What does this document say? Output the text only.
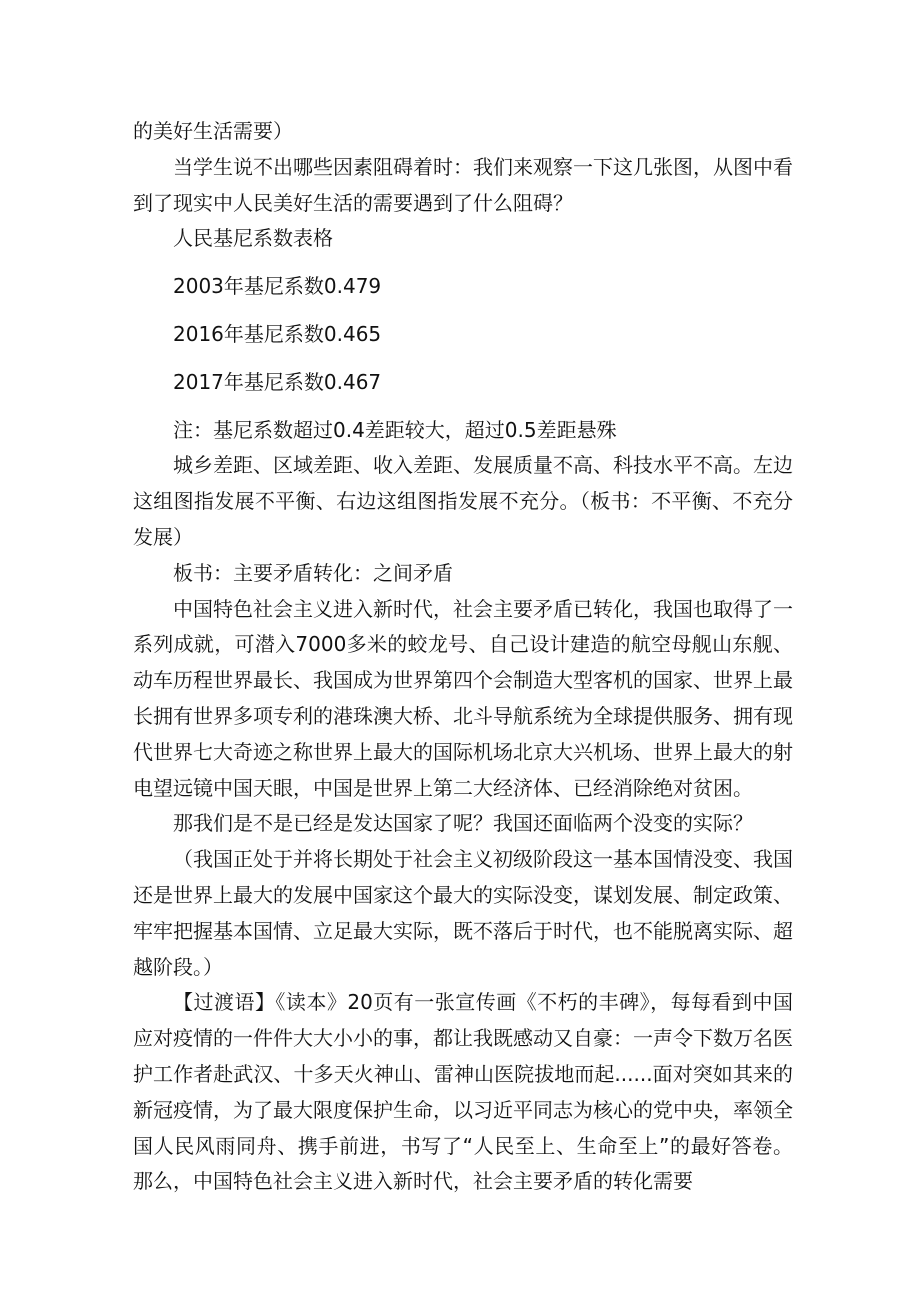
的美好生活需要）

当学生说不出哪些因素阻碍着时：我们来观察一下这几张图，从图中看到了现实中人民美好生活的需要遇到了什么阻碍？

人民基尼系数表格

2003年基尼系数0.479

2016年基尼系数0.465

2017年基尼系数0.467

注：基尼系数超过0.4差距较大，超过0.5差距悬殊

城乡差距、区域差距、收入差距、发展质量不高、科技水平不高。左边这组图指发展不平衡、右边这组图指发展不充分。（板书：不平衡、不充分发展）

板书：主要矛盾转化：之间矛盾

中国特色社会主义进入新时代，社会主要矛盾已转化，我国也取得了一系列成就，可潜入7000多米的蛟龙号、自己设计建造的航空母舰山东舰、动车历程世界最长、我国成为世界第四个会制造大型客机的国家、世界上最长拥有世界多项专利的港珠澳大桥、北斗导航系统为全球提供服务、拥有现代世界七大奇迹之称世界上最大的国际机场北京大兴机场、世界上最大的射电望远镜中国天眼，中国是世界上第二大经济体、已经消除绝对贫困。

那我们是不是已经是发达国家了呢？我国还面临两个没变的实际？

（我国正处于并将长期处于社会主义初级阶段这一基本国情没变、我国还是世界上最大的发展中国家这个最大的实际没变，谋划发展、制定政策、牢牢把握基本国情、立足最大实际，既不落后于时代，也不能脱离实际、超越阶段。）

【过渡语】《读本》20页有一张宣传画《不朽的丰碑》，每每看到中国应对疫情的一件件大大小小的事，都让我既感动又自豪：一声令下数万名医护工作者赴武汉、十多天火神山、雷神山医院拔地而起......面对突如其来的新冠疫情，为了最大限度保护生命，以习近平同志为核心的党中央，率领全国人民风雨同舟、携手前进，书写了“人民至上、生命至上”的最好答卷。那么，中国特色社会主义进入新时代，社会主要矛盾的转化需要
